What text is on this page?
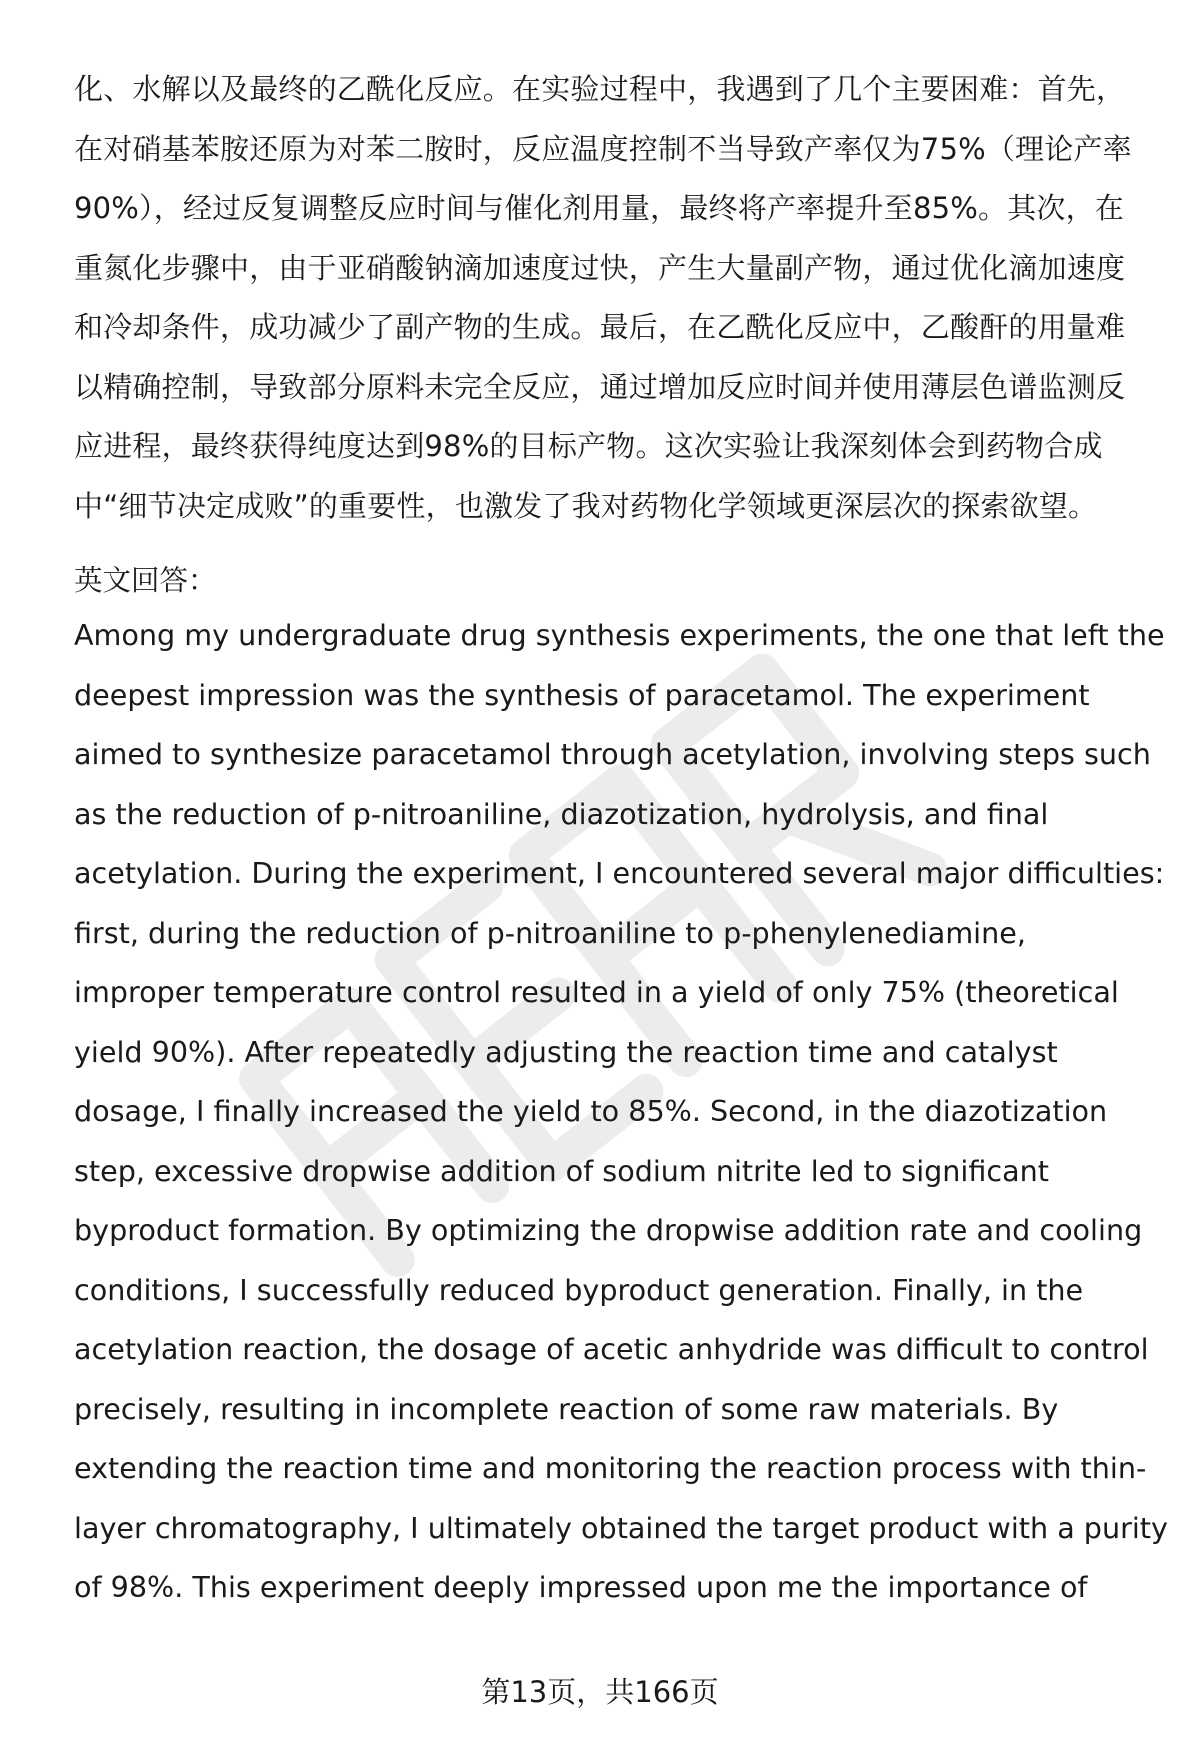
化、水解以及最终的乙酰化反应。在实验过程中，我遇到了几个主要困难：首先，
在对硝基苯胺还原为对苯二胺时，反应温度控制不当导致产率仅为75%（理论产率
90%），经过反复调整反应时间与催化剂用量，最终将产率提升至85%。其次，在
重氮化步骤中，由于亚硝酸钠滴加速度过快，产生大量副产物，通过优化滴加速度
和冷却条件，成功减少了副产物的生成。最后，在乙酰化反应中，乙酸酐的用量难
以精确控制，导致部分原料未完全反应，通过增加反应时间并使用薄层色谱监测反
应进程，最终获得纯度达到98%的目标产物。这次实验让我深刻体会到药物合成
中“细节决定成败”的重要性，也激发了我对药物化学领域更深层次的探索欲望。
英文回答：
Among my undergraduate drug synthesis experiments, the one that left the
deepest impression was the synthesis of paracetamol. The experiment
aimed to synthesize paracetamol through acetylation, involving steps such
as the reduction of p-nitroaniline, diazotization, hydrolysis, and final
acetylation. During the experiment, I encountered several major difficulties:
first, during the reduction of p-nitroaniline to p-phenylenediamine,
improper temperature control resulted in a yield of only 75% (theoretical
yield 90%). After repeatedly adjusting the reaction time and catalyst
dosage, I finally increased the yield to 85%. Second, in the diazotization
step, excessive dropwise addition of sodium nitrite led to significant
byproduct formation. By optimizing the dropwise addition rate and cooling
conditions, I successfully reduced byproduct generation. Finally, in the
acetylation reaction, the dosage of acetic anhydride was difficult to control
precisely, resulting in incomplete reaction of some raw materials. By
extending the reaction time and monitoring the reaction process with thin-
layer chromatography, I ultimately obtained the target product with a purity
of 98%. This experiment deeply impressed upon me the importance of
第13页，共166页
